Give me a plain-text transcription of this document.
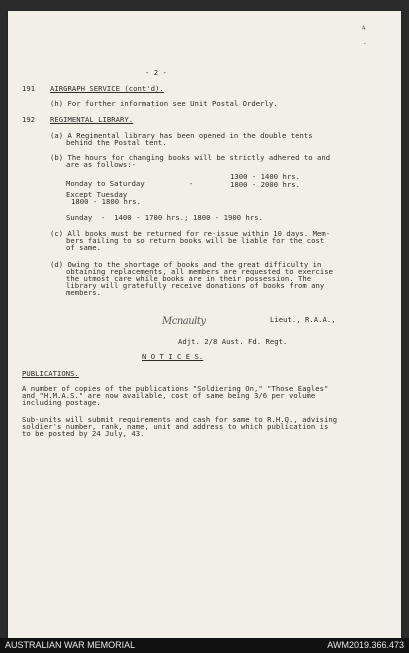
4
-
- 2 -
191 AIRGRAPH SERVICE (cont'd).
(h) For further information see Unit Postal Orderly.
192 REGIMENTAL LIBRARY.
(a) A Regimental library has been opened in the double tents
behind the Postal tent.
(b) The hours for changing books will be strictly adhered to and
are as follows:-
1300 - 1400 hrs.
Monday to Saturday	-	1800 - 2000 hrs.
Except Tuesday
1800 - 1800 hrs.
Sunday  -  1400 - 1700 hrs.; 1800 - 1900 hrs.
(c) All books must be returned for re-issue within 10 days. Mem-
bers failing to so return books will be liable for the cost
of same.
(d) Owing to the shortage of books and the great difficulty in
obtaining replacements, all members are requested to exercise
the utmost care while books are in their possession. The
library will gratefully receive donations of books from any
members.
Mcnaulty	Lieut., R.A.A.,
Adjt. 2/8 Aust. Fd. Regt.
N O T I C E S.
PUBLICATIONS.
A number of copies of the publications "Soldiering On," "Those Eagles"
and "H.M.A.S." are now available, cost of same being 3/6 per volume
including postage.
Sub-units will submit requirements and cash for same to R.H.Q., advising
soldier's number, rank, name, unit and address to which publication is
to be posted by 24 July, 43.
AUSTRALIAN WAR MEMORIAL	AWM2019.366.473
